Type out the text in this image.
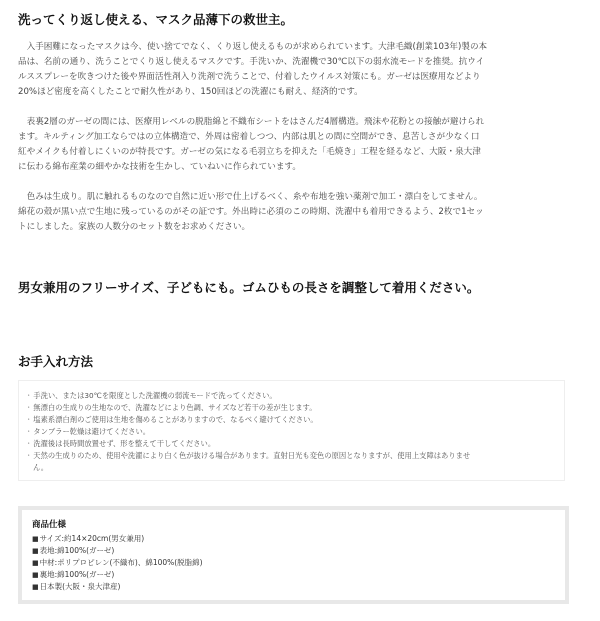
洗ってくり返し使える、マスク品薄下の救世主。
　入手困難になったマスクは今、使い捨てでなく、くり返し使えるものが求められています。大津毛織(創業103年)製の本
品は、名前の通り、洗うことでくり返し使えるマスクです。手洗いか、洗濯機で30℃以下の弱水流モードを推奨。抗ウイ
ルススプレーを吹きつけた後や界面活性剤入り洗剤で洗うことで、付着したウイルス対策にも。ガーゼは医療用などより
20%ほど密度を高くしたことで耐久性があり、150回ほどの洗濯にも耐え、経済的です。
　表裏2層のガーゼの間には、医療用レベルの脱脂綿と不織布シートをはさんだ4層構造。飛沫や花粉との接触が避けられ
ます。キルティング加工ならではの立体構造で、外周は密着しつつ、内部は肌との間に空間ができ、息苦しさが少なく口
紅やメイクも付着しにくいのが特長です。ガーゼの気になる毛羽立ちを抑えた「毛焼き」工程を経るなど、大阪・泉大津
に伝わる綿布産業の細やかな技術を生かし、ていねいに作られています。
　色みは生成り。肌に触れるものなので自然に近い形で仕上げるべく、糸や布地を強い薬剤で加工・漂白をしてません。
綿花の殻が黒い点で生地に残っているのがその証です。外出時に必須のこの時期、洗濯中も着用できるよう、2枚で1セッ
トにしました。家族の人数分のセット数をお求めください。
男女兼用のフリーサイズ、子どもにも。ゴムひもの長さを調整して着用ください。
お手入れ方法
・ 手洗い、または30℃を限度とした洗濯機の弱流モードで洗ってください。
・ 無漂白の生成りの生地なので、洗濯などにより色調、サイズなど若干の差が生じます。
・ 塩素系漂白剤のご使用は生地を傷めることがありますので、なるべく避けてください。
・ タンブラー乾燥は避けてください。
・ 洗濯後は長時間放置せず、形を整えて干してください。
・ 天然の生成りのため、使用や洗濯により白く色が抜ける場合があります。直射日光も変色の原因となりますが、使用上支障はありませ
ん。
商品仕様
■ サイズ:約14×20cm(男女兼用)
■ 表地:綿100%(ガーゼ)
■ 中材:ポリプロピレン(不織布)、綿100%(脱脂綿)
■ 裏地:綿100%(ガーゼ)
■ 日本製(大阪・泉大津産)
